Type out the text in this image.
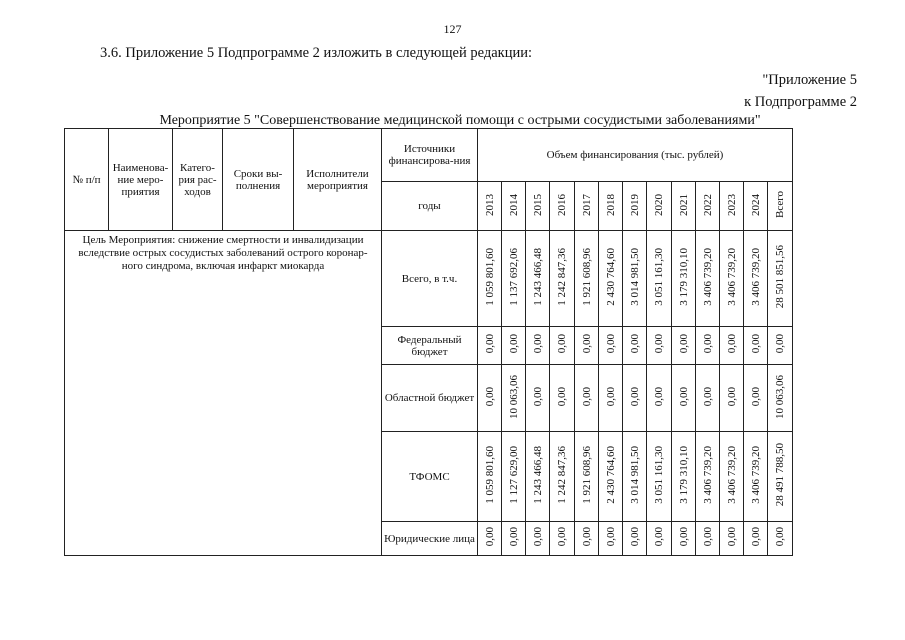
127
3.6. Приложение 5 Подпрограмме 2 изложить в следующей редакции:
"Приложение 5
к Подпрограмме 2
Мероприятие 5 "Совершенствование медицинской помощи с острыми сосудистыми заболеваниями"
№ п/п	Наименова-ние меро-приятия	Катего-рия рас-ходов	Сроки вы-полнения	Исполнители мероприятия	Источники финансирова-ния	Объем финансирования (тыс. рублей)												
					годы	2013	2014	2015	2016	2017	2018	2019	2020	2021	2022	2023	2024	Всего
Цель Мероприятия: снижение смертности и инвалидизации вследствие острых сосудистых заболеваний острого коронар-ного синдрома, включая инфаркт миокарда					Всего, в т.ч.	1 059 801,60	1 137 692,06	1 243 466,48	1 242 847,36	1 921 608,96	2 430 764,60	3 014 981,50	3 051 161,30	3 179 310,10	3 406 739,20	3 406 739,20	3 406 739,20	28 501 851,56
					Федеральный бюджет	0,00	0,00	0,00	0,00	0,00	0,00	0,00	0,00	0,00	0,00	0,00	0,00	0,00
					Областной бюджет	0,00	10 063,06	0,00	0,00	0,00	0,00	0,00	0,00	0,00	0,00	0,00	0,00	10 063,06
					ТФОМС	1 059 801,60	1 127 629,00	1 243 466,48	1 242 847,36	1 921 608,96	2 430 764,60	3 014 981,50	3 051 161,30	3 179 310,10	3 406 739,20	3 406 739,20	3 406 739,20	28 491 788,50
					Юридические лица	0,00	0,00	0,00	0,00	0,00	0,00	0,00	0,00	0,00	0,00	0,00	0,00	0,00
